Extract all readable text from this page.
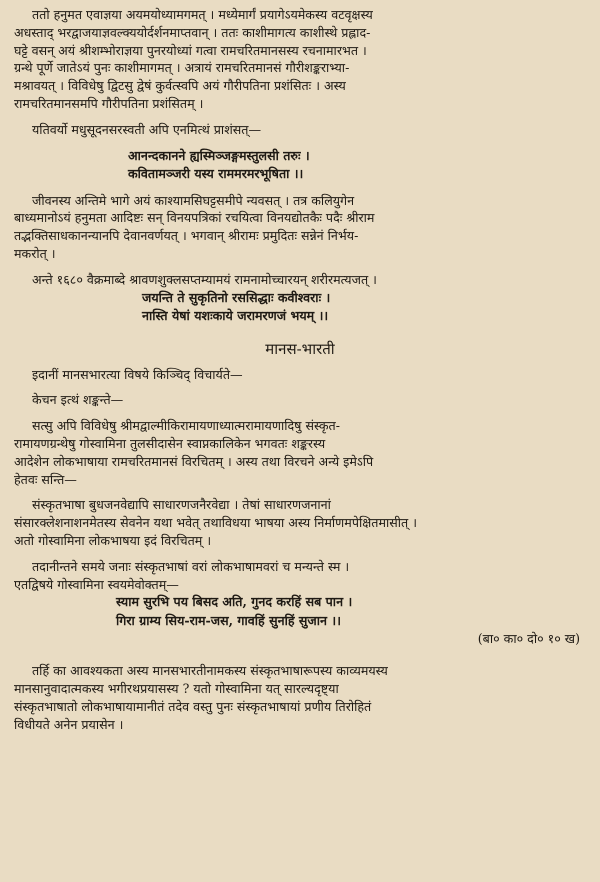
ततो हनुमत एवाज्ञया अयमयोध्यामगमत् । मध्येमार्गं प्रयागेऽयमेकस्य वटवृक्षस्य
अधस्ताद् भरद्वाजयाज्ञवल्क्ययोर्दर्शनमाप्तवान् । ततः काशीमागत्य काशीस्थे प्रह्लाद-
घट्टे वसन् अयं श्रीशम्भोराज्ञया पुनरयोध्यां गत्वा रामचरितमानसस्य रचनामारभत ।
ग्रन्थे पूर्णे जातेऽयं पुनः काशीमागमत् । अत्रायं रामचरितमानसं गौरीशङ्कराभ्या-
मश्रावयत् । विविधेषु द्विटसु द्वेषं कुर्वत्स्वपि अयं गौरीपतिना प्रशंसितः । अस्य
रामचरितमानसमपि गौरीपतिना प्रशंसितम् ।
यतिवर्यो मधुसूदनसरस्वती अपि एनमित्थं प्राशंसत्—
आनन्दकानने ह्यस्मिञ्जङ्गमस्तुलसी तरुः ।
कवितामञ्जरी यस्य राममरमरभूषिता ।।
जीवनस्य अन्तिमे भागे अयं काश्यामसिघट्टसमीपे न्यवसत् । तत्र कलियुगेन
बाध्यमानोऽयं हनुमता आदिष्टः सन् विनयपत्रिकां रचयित्वा विनयद्योतकैः पदैः श्रीराम
तद्भक्तिसाधकानन्यानपि देवानवर्णयत् । भगवान् श्रीरामः प्रमुदितः सन्नेनं निर्भय-
मकरोत् ।
अन्ते १६८० वैक्रमाब्दे श्रावणशुक्लसप्तम्यामयं रामनामोच्चारयन् शरीरमत्यजत् ।
जयन्ति ते सुकृतिनो रससिद्धाः कवीश्वराः ।
नास्ति येषां यशःकाये जरामरणजं भयम् ।।
मानस-भारती
इदानीं मानसभारत्या विषये किञ्चिद् विचार्यते—
केचन इत्थं शङ्कन्ते—
सत्सु अपि विविधेषु श्रीमद्वाल्मीकिरामायणाध्यात्मरामायणादिषु संस्कृत-
रामायणग्रन्थेषु गोस्वामिना तुलसीदासेन स्वाप्नकालिकेन भगवतः शङ्करस्य
आदेशेन लोकभाषाया रामचरितमानसं विरचितम् । अस्य तथा विरचने अन्ये इमेऽपि
हेतवः सन्ति—
संस्कृतभाषा बुधजनवेद्यापि साधारणजनैरवेद्या । तेषां साधारणजनानां
संसारक्लेशनाशनमेतस्य सेवनेन यथा भवेत् तथाविधया भाषया अस्य निर्माणमपेक्षितमासीत् ।
अतो गोस्वामिना लोकभाषया इदं विरचितम् ।
तदानीन्तने समये जनाः संस्कृतभाषां वरां लोकभाषामवरां च मन्यन्ते स्म ।
एतद्विषये गोस्वामिना स्वयमेवोक्तम्—
स्याम सुरभि पय बिसद अति, गुनद करहिं सब पान ।
गिरा ग्राम्य सिय-राम-जस, गावहिं सुनहिं सुजान ।।
(बा० का० दो० १० ख)
तर्हि का आवश्यकता अस्य मानसभारतीनामकस्य संस्कृतभाषारूपस्य काव्यमयस्य
मानसानुवादात्मकस्य भगीरथप्रयासस्य ? यतो गोस्वामिना यत् सारल्यदृष्ट्या
संस्कृतभाषातो लोकभाषायामानीतं तदेव वस्तु पुनः संस्कृतभाषायां प्रणीय तिरोहितं
विधीयते अनेन प्रयासेन ।
